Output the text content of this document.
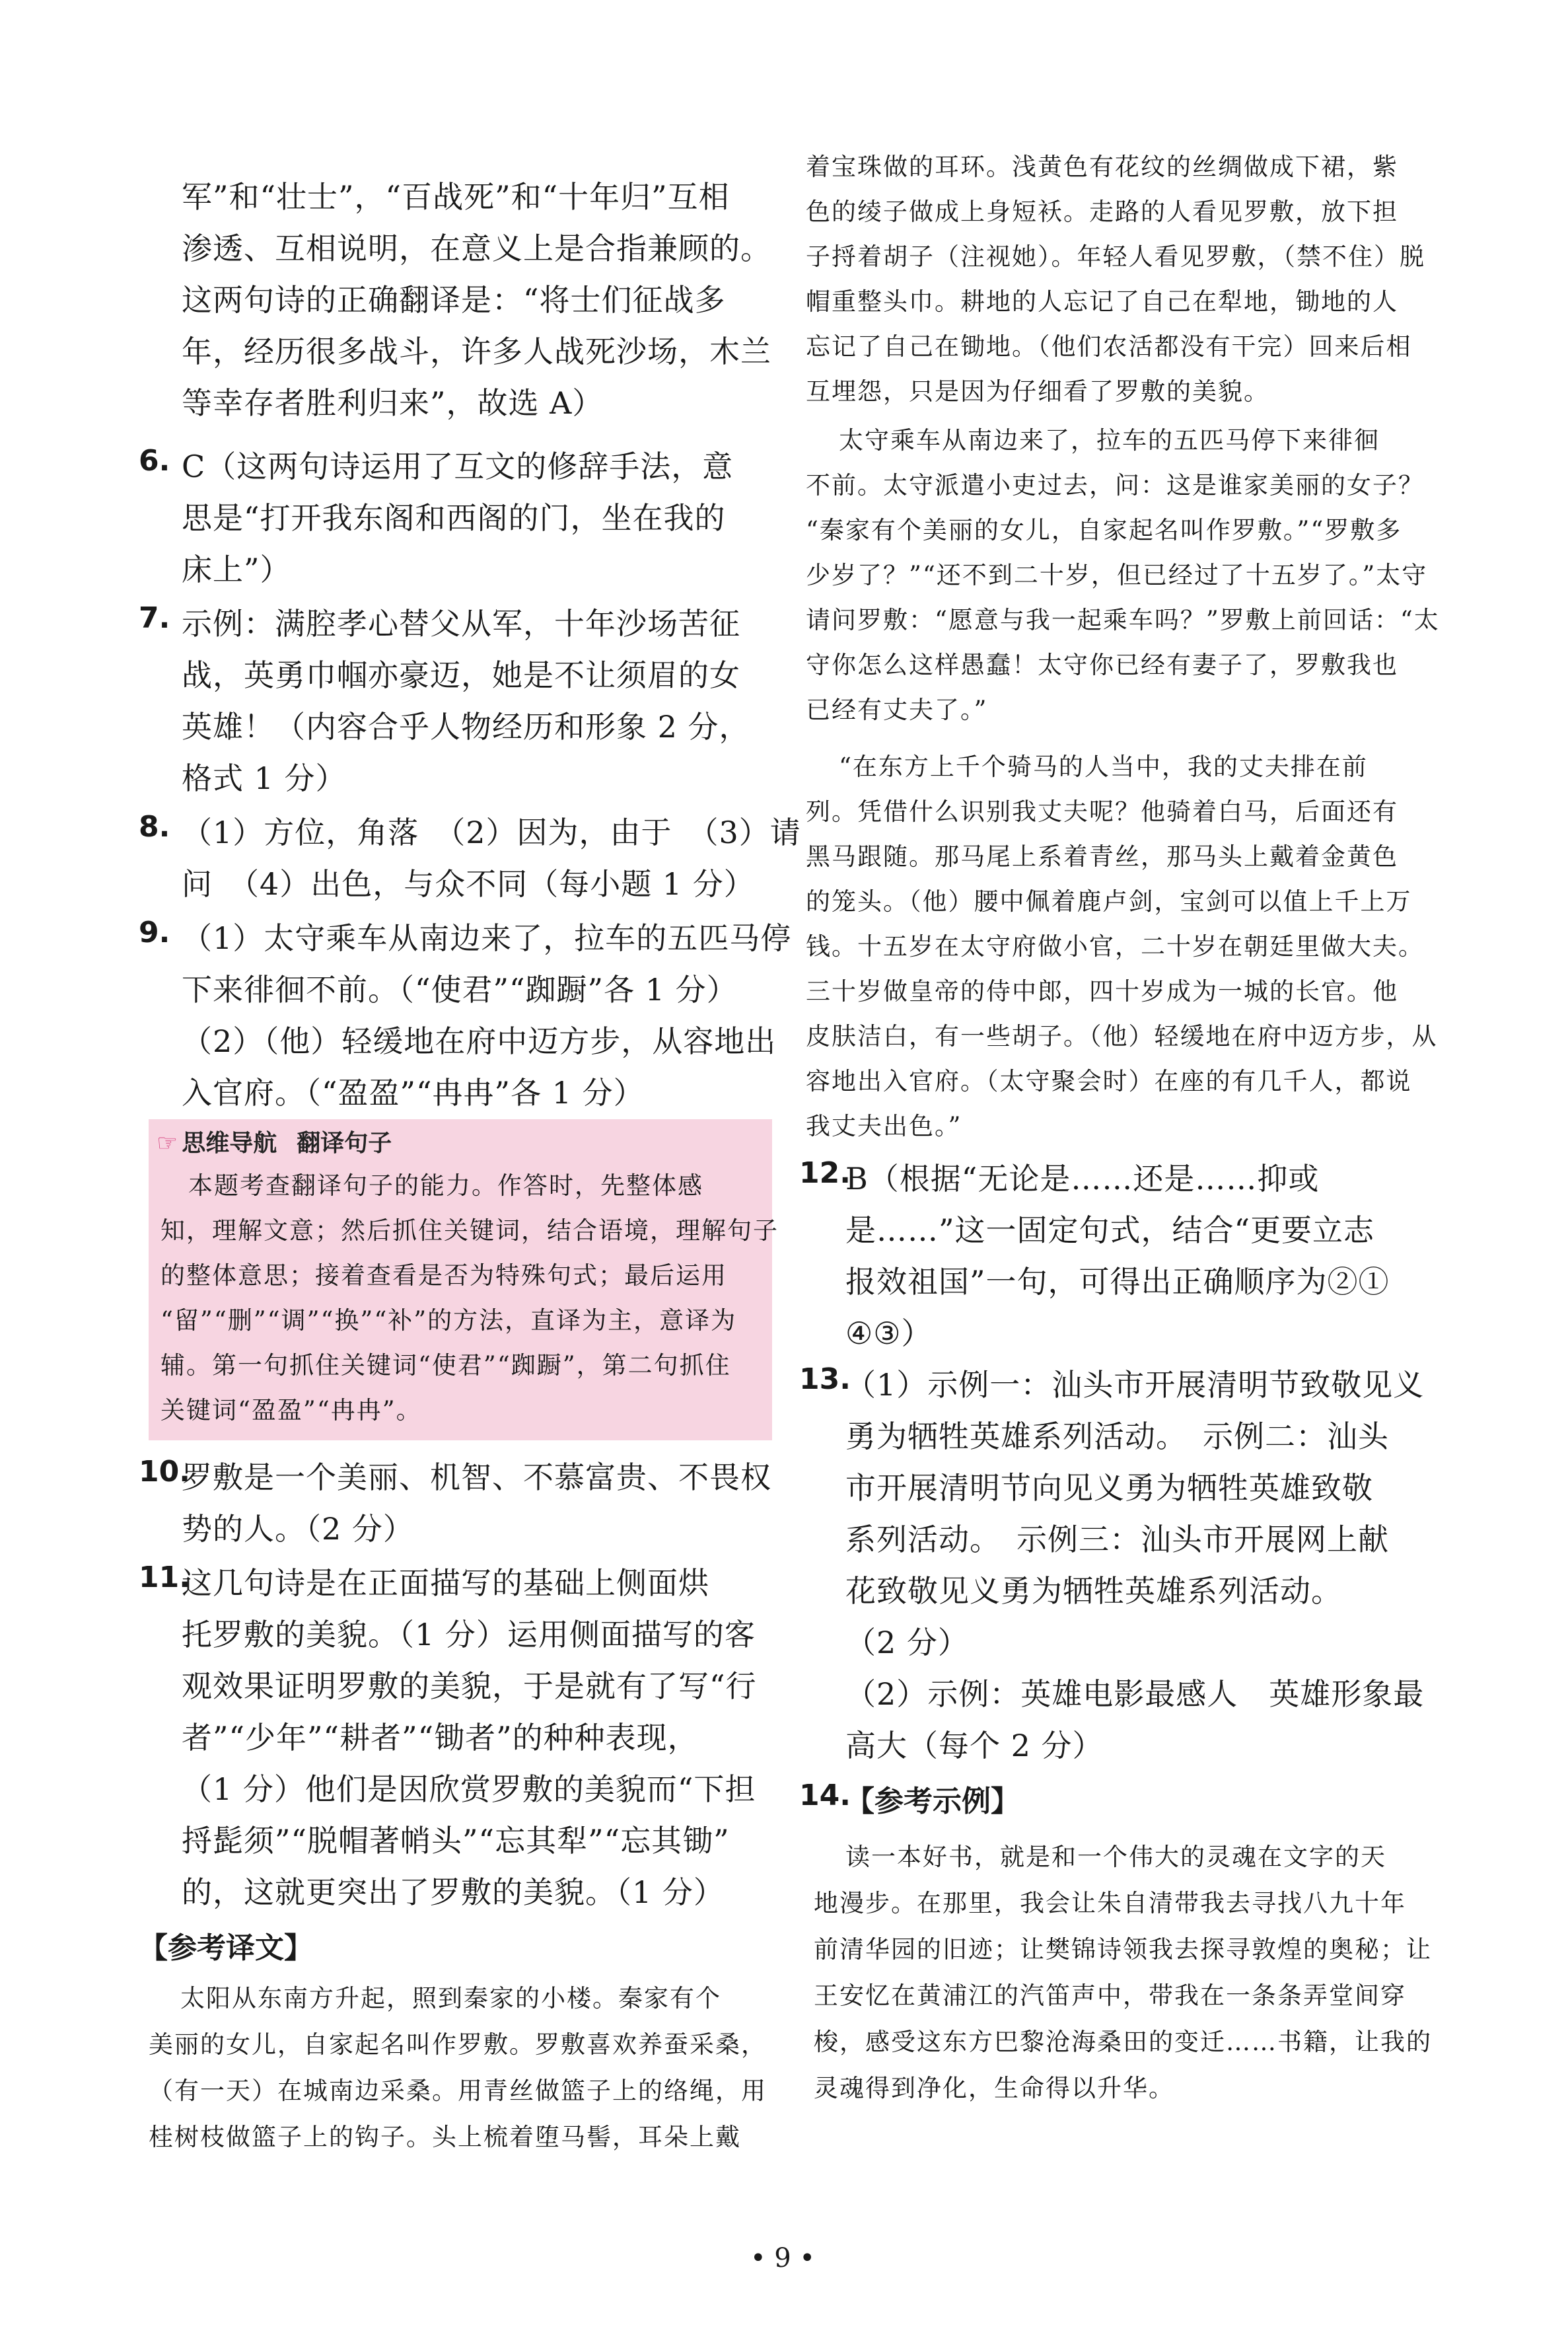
军”和“壮士”，“百战死”和“十年归”互相
渗透、互相说明，在意义上是合指兼顾的。
这两句诗的正确翻译是：“将士们征战多
年，经历很多战斗，许多人战死沙场，木兰
等幸存者胜利归来”，故选 A）
6. C（这两句诗运用了互文的修辞手法，意
思是“打开我东阁和西阁的门，坐在我的
床上”）
7. 示例：满腔孝心替父从军，十年沙场苦征
战，英勇巾帼亦豪迈，她是不让须眉的女
英雄！（内容合乎人物经历和形象 2 分，
格式 1 分）
8. （1）方位，角落　（2）因为，由于　（3）请
问　（4）出色，与众不同（每小题 1 分）
9. （1）太守乘车从南边来了，拉车的五匹马停
下来徘徊不前。（“使君”“踟蹰”各 1 分）
（2）（他）轻缓地在府中迈方步，从容地出
入官府。（“盈盈”“冉冉”各 1 分）
☞ 思维导航 翻译句子
本题考查翻译句子的能力。作答时，先整体感
知，理解文意；然后抓住关键词，结合语境，理解句子
的整体意思；接着查看是否为特殊句式；最后运用
“留”“删”“调”“换”“补”的方法，直译为主，意译为
辅。第一句抓住关键词“使君”“踟蹰”，第二句抓住
关键词“盈盈”“冉冉”。
10.
罗敷是一个美丽、机智、不慕富贵、不畏权
势的人。（2 分）
11.
这几句诗是在正面描写的基础上侧面烘
托罗敷的美貌。（1 分）运用侧面描写的客
观效果证明罗敷的美貌，于是就有了写“行
者”“少年”“耕者”“锄者”的种种表现，
（1 分）他们是因欣赏罗敷的美貌而“下担
捋髭须”“脱帽著帩头”“忘其犁”“忘其锄”
的，这就更突出了罗敷的美貌。（1 分）
【参考译文】
太阳从东南方升起，照到秦家的小楼。秦家有个
美丽的女儿，自家起名叫作罗敷。罗敷喜欢养蚕采桑，
（有一天）在城南边采桑。用青丝做篮子上的络绳，用
桂树枝做篮子上的钩子。头上梳着堕马髻，耳朵上戴
着宝珠做的耳环。浅黄色有花纹的丝绸做成下裙，紫
色的绫子做成上身短袄。走路的人看见罗敷，放下担
子捋着胡子（注视她）。年轻人看见罗敷，（禁不住）脱
帽重整头巾。耕地的人忘记了自己在犁地，锄地的人
忘记了自己在锄地。（他们农活都没有干完）回来后相
互埋怨，只是因为仔细看了罗敷的美貌。
太守乘车从南边来了，拉车的五匹马停下来徘徊
不前。太守派遣小吏过去，问：这是谁家美丽的女子？
“秦家有个美丽的女儿，自家起名叫作罗敷。”“罗敷多
少岁了？”“还不到二十岁，但已经过了十五岁了。”太守
请问罗敷：“愿意与我一起乘车吗？”罗敷上前回话：“太
守你怎么这样愚蠢！太守你已经有妻子了，罗敷我也
已经有丈夫了。”
“在东方上千个骑马的人当中，我的丈夫排在前
列。凭借什么识别我丈夫呢？他骑着白马，后面还有
黑马跟随。那马尾上系着青丝，那马头上戴着金黄色
的笼头。（他）腰中佩着鹿卢剑，宝剑可以值上千上万
钱。十五岁在太守府做小官，二十岁在朝廷里做大夫。
三十岁做皇帝的侍中郎，四十岁成为一城的长官。他
皮肤洁白，有一些胡子。（他）轻缓地在府中迈方步，从
容地出入官府。（太守聚会时）在座的有几千人，都说
我丈夫出色。”
12.
B（根据“无论是……还是……抑或
是……”这一固定句式，结合“更要立志
报效祖国”一句，可得出正确顺序为②①
④③）
13.
（1）示例一：汕头市开展清明节致敬见义
勇为牺牲英雄系列活动。　示例二：汕头
市开展清明节向见义勇为牺牲英雄致敬
系列活动。　示例三：汕头市开展网上献
花致敬见义勇为牺牲英雄系列活动。
（2 分）
（2）示例：英雄电影最感人　英雄形象最
高大（每个 2 分）
14.
【参考示例】
读一本好书，就是和一个伟大的灵魂在文字的天
地漫步。在那里，我会让朱自清带我去寻找八九十年
前清华园的旧迹；让樊锦诗领我去探寻敦煌的奥秘；让
王安忆在黄浦江的汽笛声中，带我在一条条弄堂间穿
梭，感受这东方巴黎沧海桑田的变迁……书籍，让我的
灵魂得到净化，生命得以升华。
• 9 •
